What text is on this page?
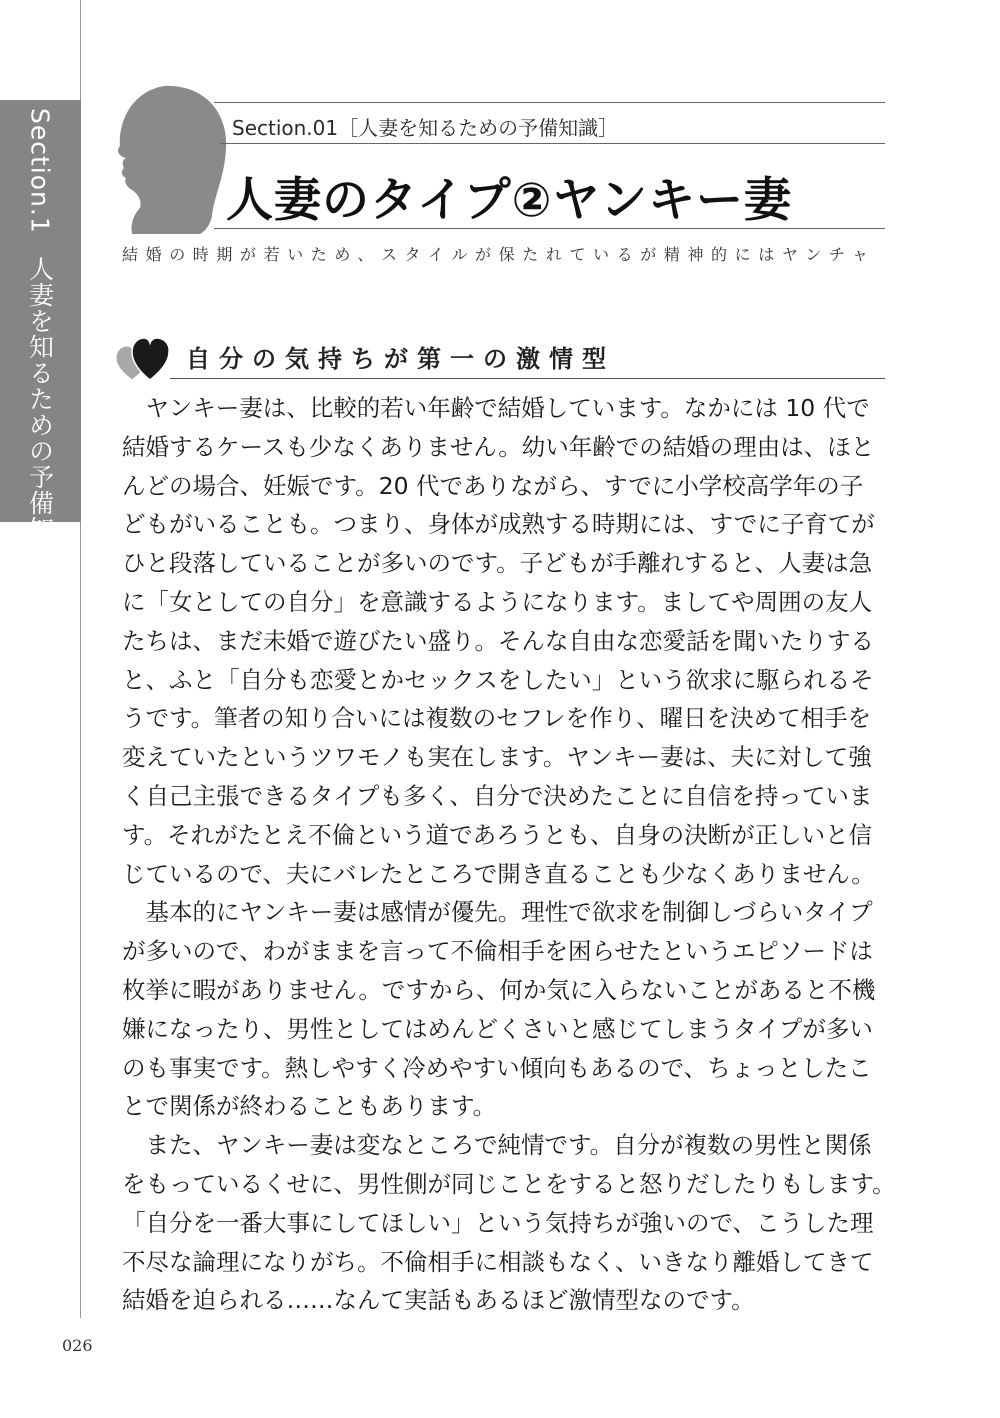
Section.1人妻を知るための予備知識
Section.01［人妻を知るための予備知識］
人妻のタイプ②ヤンキー妻
結婚の時期が若いため、スタイルが保たれているが精神的にはヤンチャ
自分の気持ちが第一の激情型
　ヤンキー妻は、比較的若い年齢で結婚しています。なかには 10 代で
結婚するケースも少なくありません。幼い年齢での結婚の理由は、ほと
んどの場合、妊娠です。20 代でありながら、すでに小学校高学年の子
どもがいることも。つまり、身体が成熟する時期には、すでに子育てが
ひと段落していることが多いのです。子どもが手離れすると、人妻は急
に「女としての自分」を意識するようになります。ましてや周囲の友人
たちは、まだ未婚で遊びたい盛り。そんな自由な恋愛話を聞いたりする
と、ふと「自分も恋愛とかセックスをしたい」という欲求に駆られるそ
うです。筆者の知り合いには複数のセフレを作り、曜日を決めて相手を
変えていたというツワモノも実在します。ヤンキー妻は、夫に対して強
く自己主張できるタイプも多く、自分で決めたことに自信を持っていま
す。それがたとえ不倫という道であろうとも、自身の決断が正しいと信
じているので、夫にバレたところで開き直ることも少なくありません。
　基本的にヤンキー妻は感情が優先。理性で欲求を制御しづらいタイプ
が多いので、わがままを言って不倫相手を困らせたというエピソードは
枚挙に暇がありません。ですから、何か気に入らないことがあると不機
嫌になったり、男性としてはめんどくさいと感じてしまうタイプが多い
のも事実です。熱しやすく冷めやすい傾向もあるので、ちょっとしたこ
とで関係が終わることもあります。
　また、ヤンキー妻は変なところで純情です。自分が複数の男性と関係
をもっているくせに、男性側が同じことをすると怒りだしたりもします。
「自分を一番大事にしてほしい」という気持ちが強いので、こうした理
不尽な論理になりがち。不倫相手に相談もなく、いきなり離婚してきて
結婚を迫られる……なんて実話もあるほど激情型なのです。
026
